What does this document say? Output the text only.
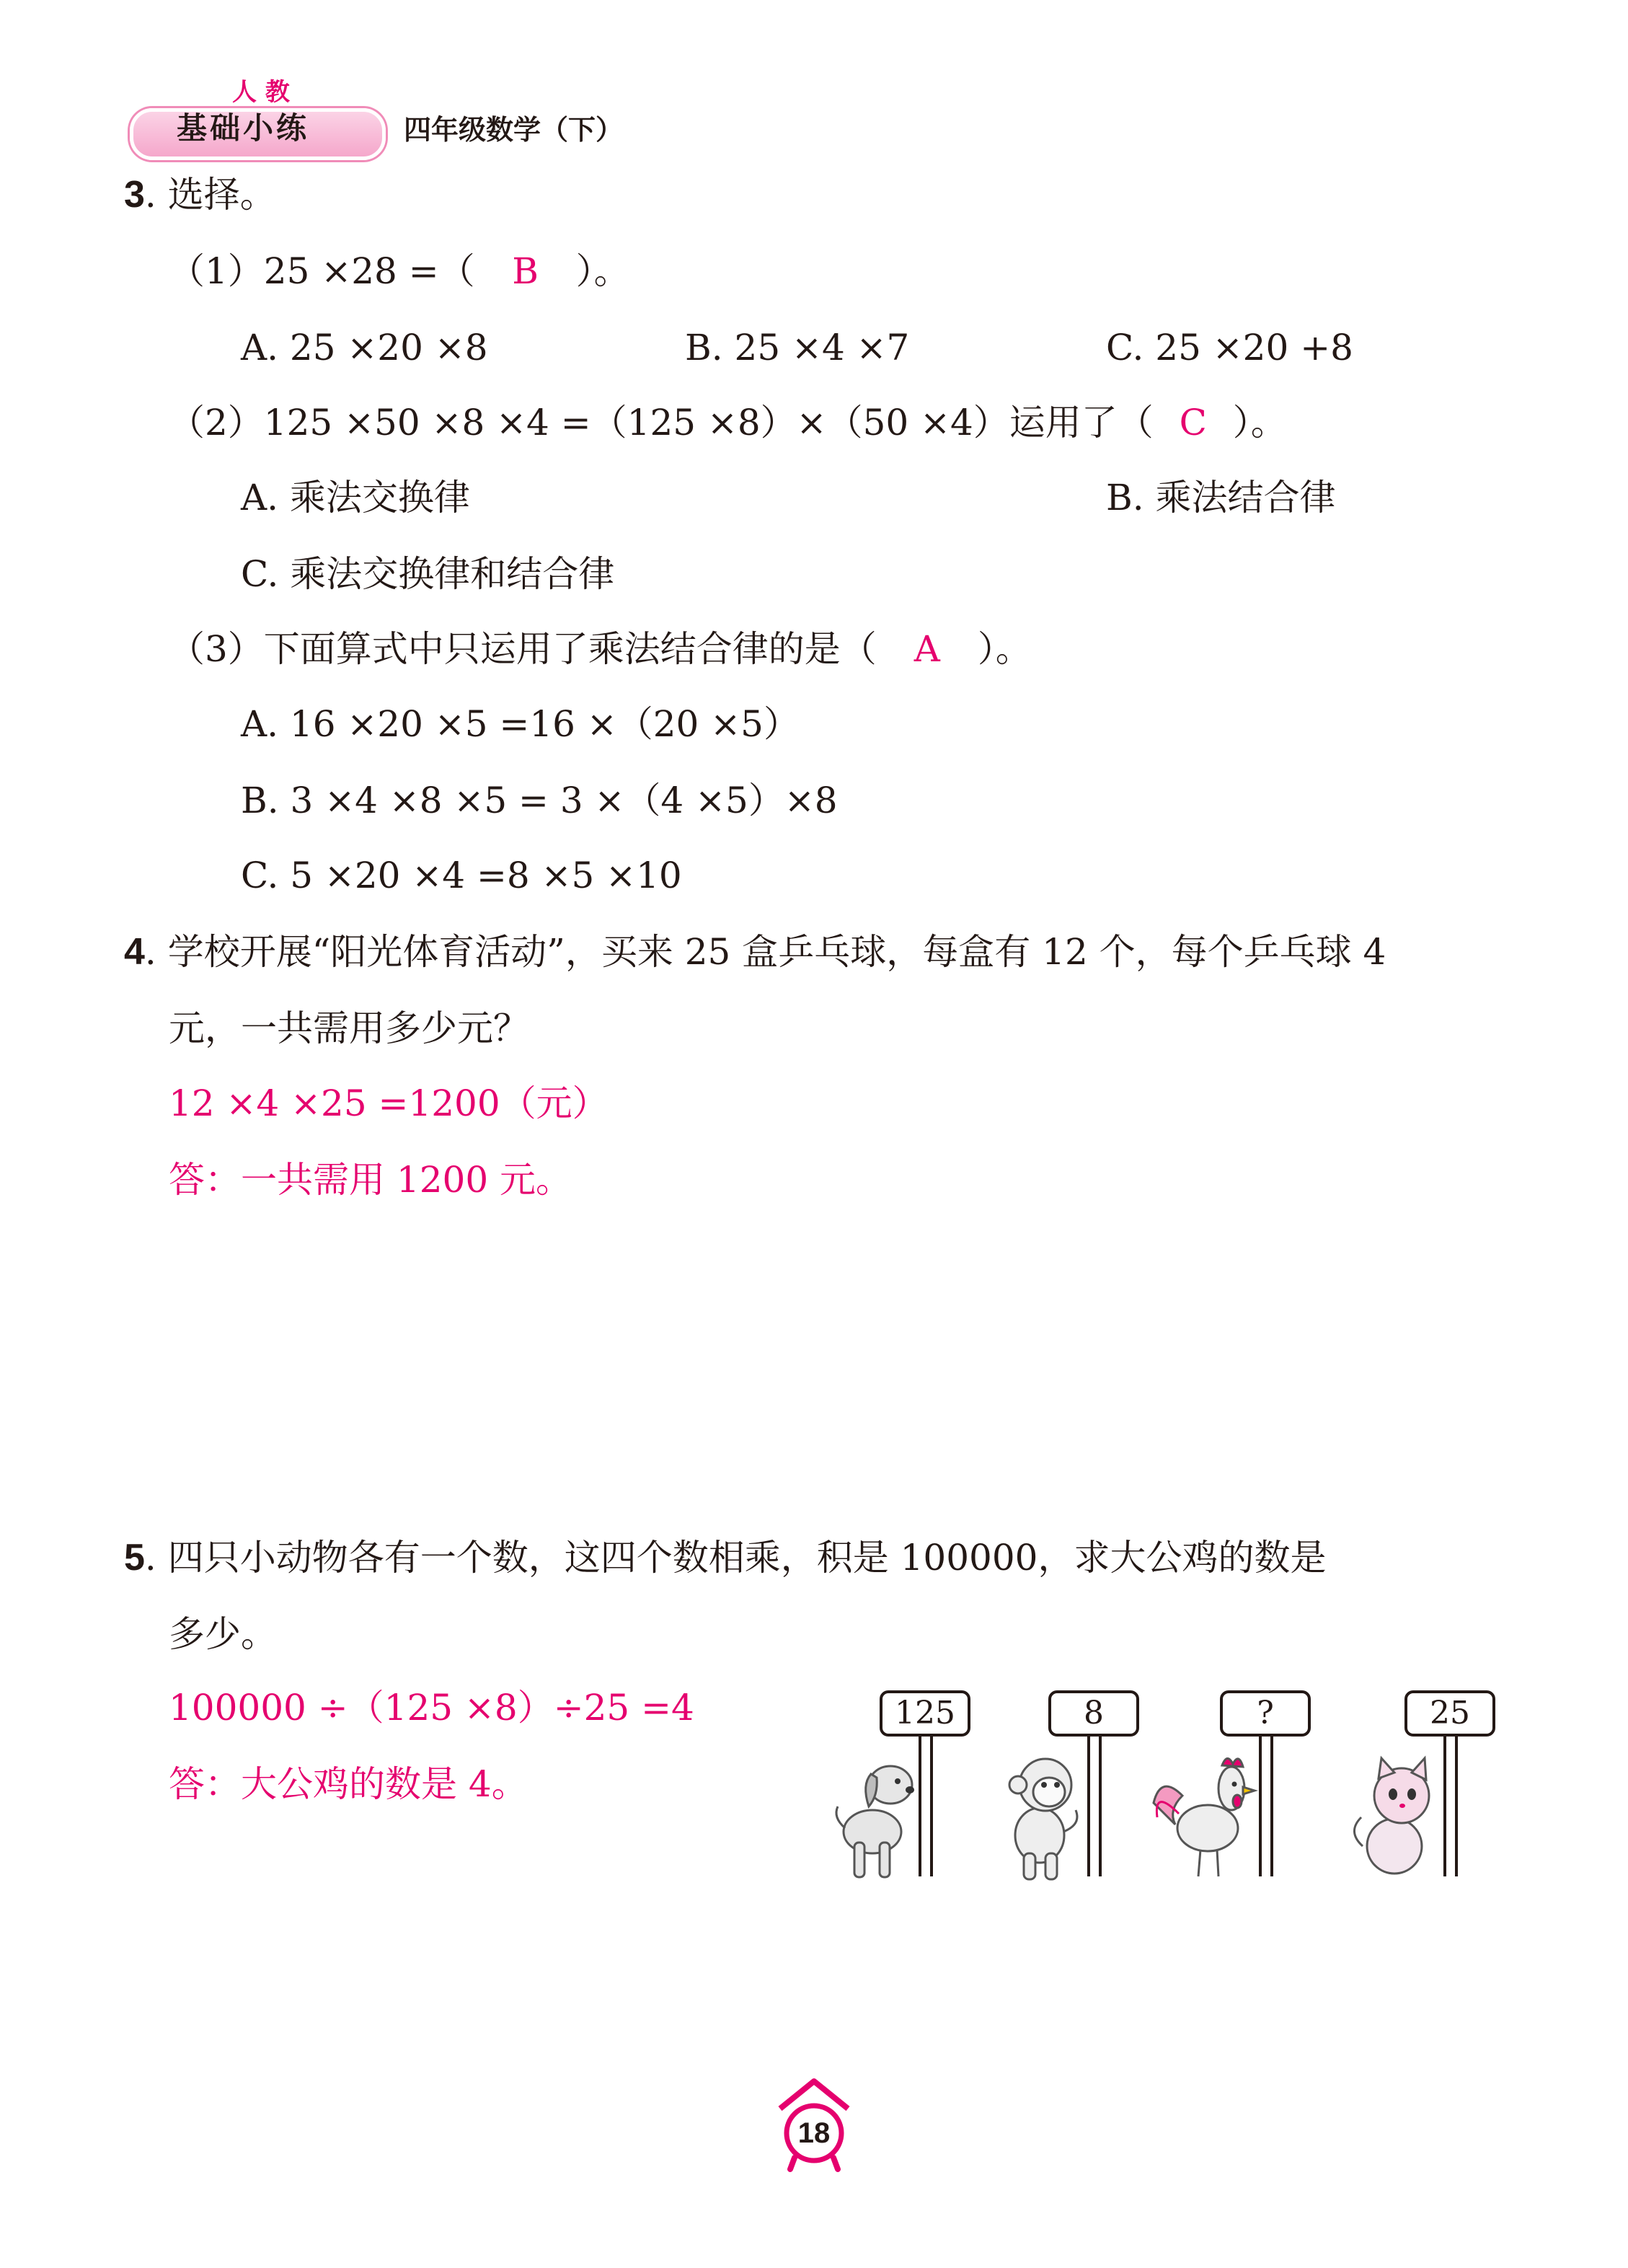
人 教
基础小练	四年级数学（下）
3. 选择。
（1）25 ×28 =（ B ）。
A. 25 ×20 ×8	B. 25 ×4 ×7	C. 25 ×20 +8
（2）125 ×50 ×8 ×4 =（125 ×8）×（50 ×4）运用了（ C ）。
A. 乘法交换律	B. 乘法结合律
C. 乘法交换律和结合律
（3）下面算式中只运用了乘法结合律的是（ A ）。
A. 16 ×20 ×5 =16 ×（20 ×5）
B. 3 ×4 ×8 ×5 = 3 ×（4 ×5）×8
C. 5 ×20 ×4 =8 ×5 ×10
4. 学校开展“阳光体育活动”，买来 25 盒乒乓球，每盒有 12 个，每个乒乓球 4
元，一共需用多少元？
12 ×4 ×25 =1200（元）
答：一共需用 1200 元。
5. 四只小动物各有一个数，这四个数相乘，积是 100000，求大公鸡的数是
多少。
100000 ÷（125 ×8）÷25 =4
答：大公鸡的数是 4。
125	8	?	25
18
